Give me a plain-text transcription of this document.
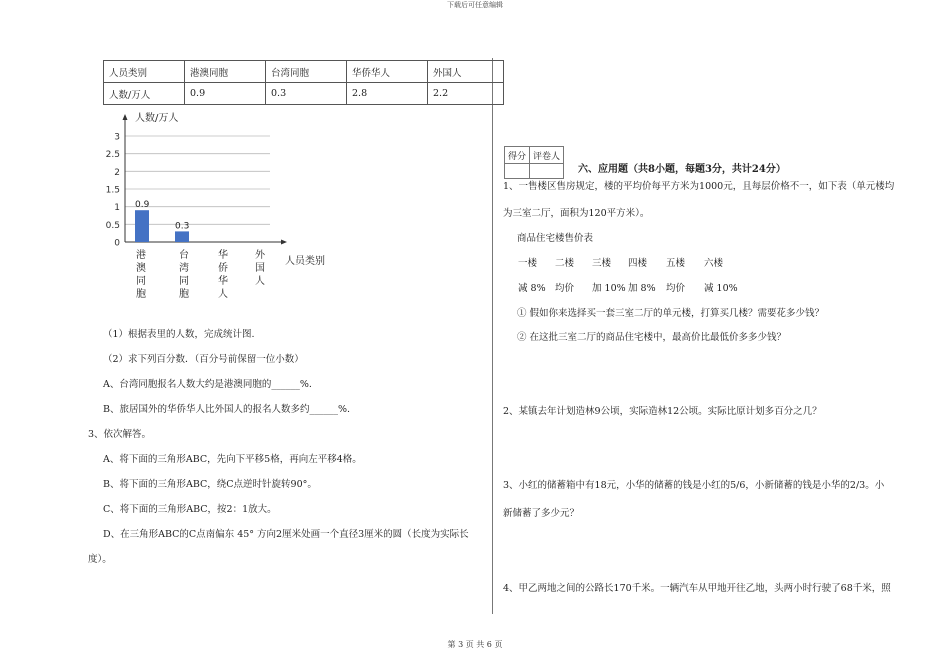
下载后可任意编辑
人员类别	港澳同胞	台湾同胞	华侨华人	外国人
人数/万人	0.9	0.3	2.8	2.2
0
0.5
1
1.5
2
2.5
3
人数/万人
0.9
0.3
人员类别
港澳同胞
台湾同胞
华侨华人
外国人
（1）根据表里的人数，完成统计图.
（2）求下列百分数．（百分号前保留一位小数）
A、台湾同胞报名人数大约是港澳同胞的______%.
B、旅居国外的华侨华人比外国人的报名人数多约______%.
3、依次解答。
A、将下面的三角形ABC，先向下平移5格，再向左平移4格。
B、将下面的三角形ABC，绕C点逆时针旋转90°。
C、将下面的三角形ABC，按2：1放大。
D、在三角形ABC的C点南偏东 45° 方向2厘米处画一个直径3厘米的圆（长度为实际长
度）。
得分	评卷人

六、应用题（共8小题，每题3分，共计24分）
1、一售楼区售房规定，楼的平均价每平方米为1000元，且每层价格不一，如下表（单元楼均
为三室二厅，面积为120平方米）。
商品住宅楼售价表
一楼 二楼 三楼 四楼 五楼 六楼
减 8% 均价 加 10% 加 8% 均价 减 10%
① 假如你来选择买一套三室二厅的单元楼，打算买几楼？需要花多少钱？
② 在这批三室二厅的商品住宅楼中，最高价比最低价多多少钱？
2、某镇去年计划造林9公顷，实际造林12公顷。实际比原计划多百分之几？
3、小红的储蓄箱中有18元，小华的储蓄的钱是小红的5/6，小新储蓄的钱是小华的2/3。小
新储蓄了多少元？
4、甲乙两地之间的公路长170千米。一辆汽车从甲地开往乙地，头两小时行驶了68千米，照
第 3 页 共 6 页
